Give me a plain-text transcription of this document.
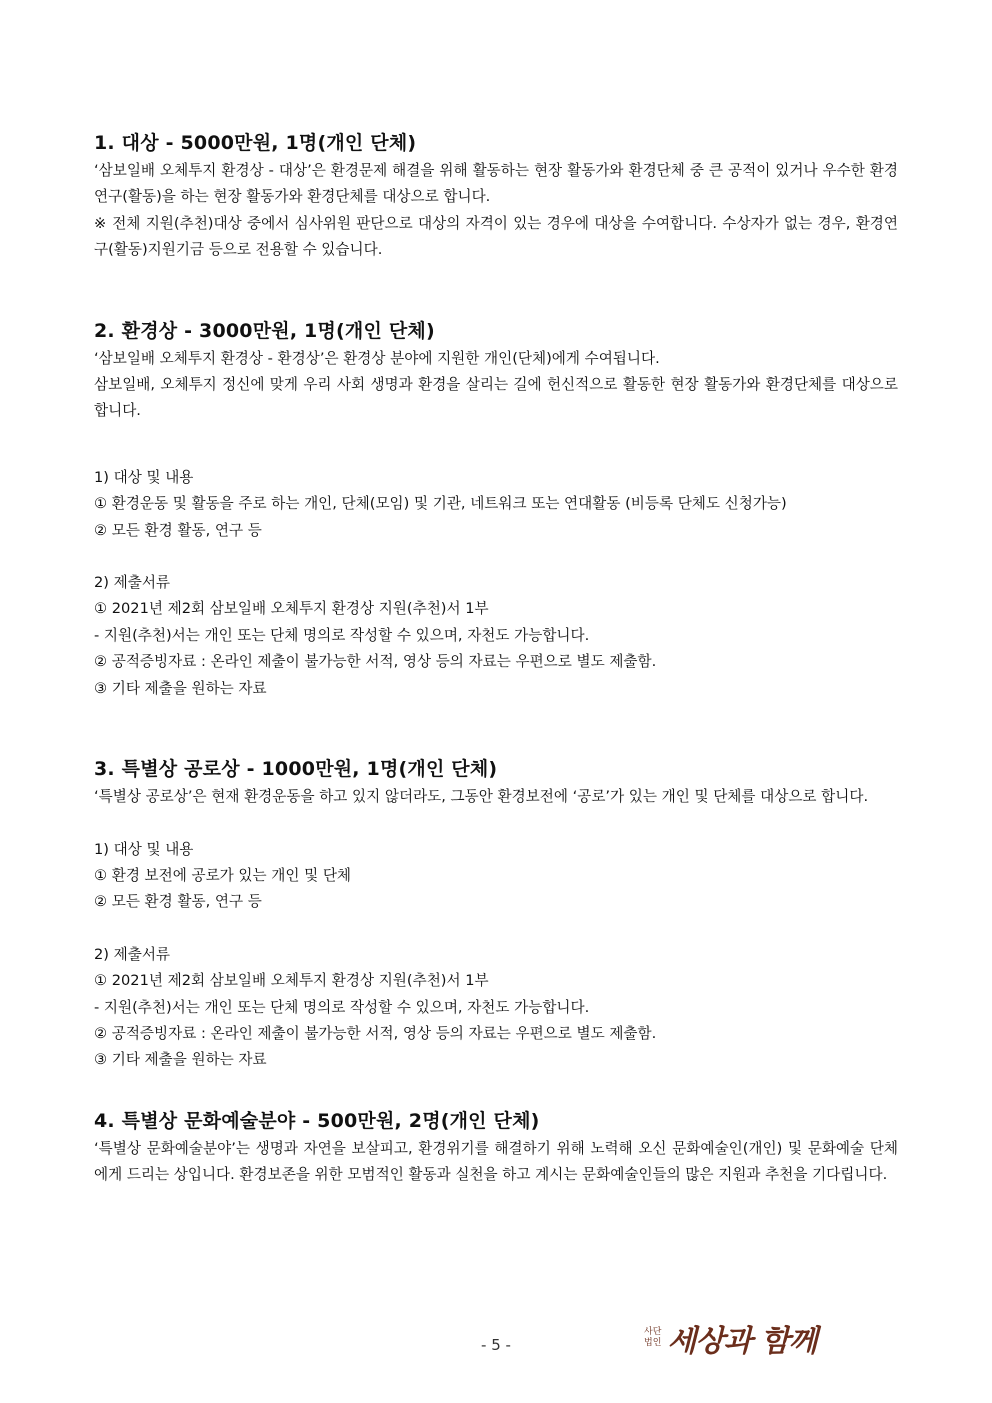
1. 대상 - 5000만원, 1명(개인 단체)

‘삼보일배 오체투지 환경상 - 대상’은 환경문제 해결을 위해 활동하는 현장 활동가와 환경단체 중 큰 공적이 있거나 우수한 환경연구(활동)을 하는 현장 활동가와 환경단체를 대상으로 합니다.

※ 전체 지원(추천)대상 중에서 심사위원 판단으로 대상의 자격이 있는 경우에 대상을 수여합니다. 수상자가 없는 경우, 환경연구(활동)지원기금 등으로 전용할 수 있습니다.

2. 환경상 - 3000만원, 1명(개인 단체)

‘삼보일배 오체투지 환경상 - 환경상’은 환경상 분야에 지원한 개인(단체)에게 수여됩니다.

삼보일배, 오체투지 정신에 맞게 우리 사회 생명과 환경을 살리는 길에 헌신적으로 활동한 현장 활동가와 환경단체를 대상으로 합니다.

1) 대상 및 내용

① 환경운동 및 활동을 주로 하는 개인, 단체(모임) 및 기관, 네트워크 또는 연대활동 (비등록 단체도 신청가능)

② 모든 환경 활동, 연구 등

2) 제출서류

① 2021년 제2회 삼보일배 오체투지 환경상 지원(추천)서 1부

- 지원(추천)서는 개인 또는 단체 명의로 작성할 수 있으며, 자천도 가능합니다.

② 공적증빙자료 : 온라인 제출이 불가능한 서적, 영상 등의 자료는 우편으로 별도 제출함.

③ 기타 제출을 원하는 자료

3. 특별상 공로상 - 1000만원, 1명(개인 단체)

‘특별상 공로상’은 현재 환경운동을 하고 있지 않더라도, 그동안 환경보전에 ‘공로’가 있는 개인 및 단체를 대상으로 합니다.

1) 대상 및 내용

① 환경 보전에 공로가 있는 개인 및 단체

② 모든 환경 활동, 연구 등

2) 제출서류

① 2021년 제2회 삼보일배 오체투지 환경상 지원(추천)서 1부

- 지원(추천)서는 개인 또는 단체 명의로 작성할 수 있으며, 자천도 가능합니다.

② 공적증빙자료 : 온라인 제출이 불가능한 서적, 영상 등의 자료는 우편으로 별도 제출함.

③ 기타 제출을 원하는 자료

4. 특별상 문화예술분야 - 500만원, 2명(개인 단체)

‘특별상 문화예술분야’는 생명과 자연을 보살피고, 환경위기를 해결하기 위해 노력해 오신 문화예술인(개인) 및 문화예술 단체에게 드리는 상입니다. 환경보존을 위한 모범적인 활동과 실천을 하고 계시는 문화예술인들의 많은 지원과 추천을 기다립니다.

- 5 -
사단
법인 세상과 함께
